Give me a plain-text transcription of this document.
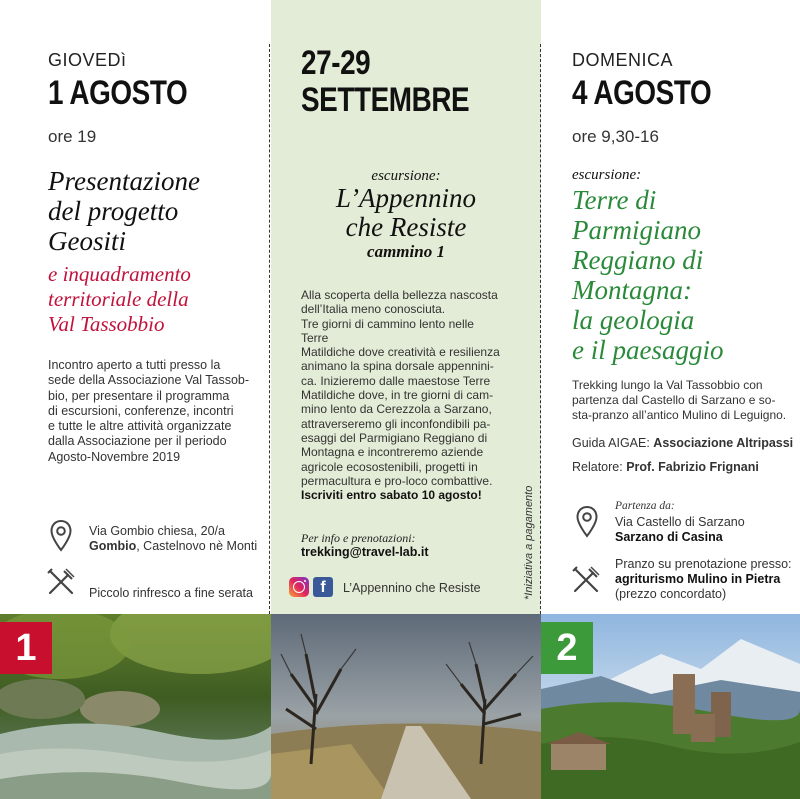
GIOVEDì
1 AGOSTO
ore 19
Presentazione
del progetto
Geositi
e inquadramento
territoriale della
Val Tassobbio
Incontro aperto a tutti presso la
sede della Associazione Val Tassob-
bio, per presentare il programma
di escursioni, conferenze, incontri
e tutte le altre attività organizzate
dalla Associazione per il periodo
Agosto-Novembre 2019
Via Gombio chiesa, 20/a
Gombio, Castelnovo nè Monti
Piccolo rinfresco a fine serata
27-29
SETTEMBRE
escursione:
L’Appennino
che Resiste
cammino 1
Alla scoperta della bellezza nascosta
dell’Italia meno conosciuta.
Tre giorni di cammino lento nelle
Terre
Matildiche dove creatività e resilienza
animano la spina dorsale appennini-
ca. Inizieremo dalle maestose Terre
Matildiche dove, in tre giorni di cam-
mino lento da Cerezzola a Sarzano,
attraverseremo gli inconfondibili pa-
esaggi del Parmigiano Reggiano di
Montagna e incontreremo aziende
agricole ecosostenibili, progetti in
permacultura e pro-loco combattive.
Iscriviti entro sabato 10 agosto!
Per info e prenotazioni:
trekking@travel-lab.it
f	L’Appennino che Resiste	*Iniziativa a pagamento
DOMENICA
4 AGOSTO
ore 9,30-16
escursione:
Terre di
Parmigiano
Reggiano di
Montagna:
la geologia
e il paesaggio
Trekking lungo la Val Tassobbio con
partenza dal Castello di Sarzano e so-
sta-pranzo all’antico Mulino di Leguigno.
Guida AIGAE: Associazione Altripassi
Relatore: Prof. Fabrizio Frignani
Partenza da:
Via Castello di Sarzano
Sarzano di Casina
Pranzo su prenotazione presso:
agriturismo Mulino in Pietra
(prezzo concordato)
1	2
